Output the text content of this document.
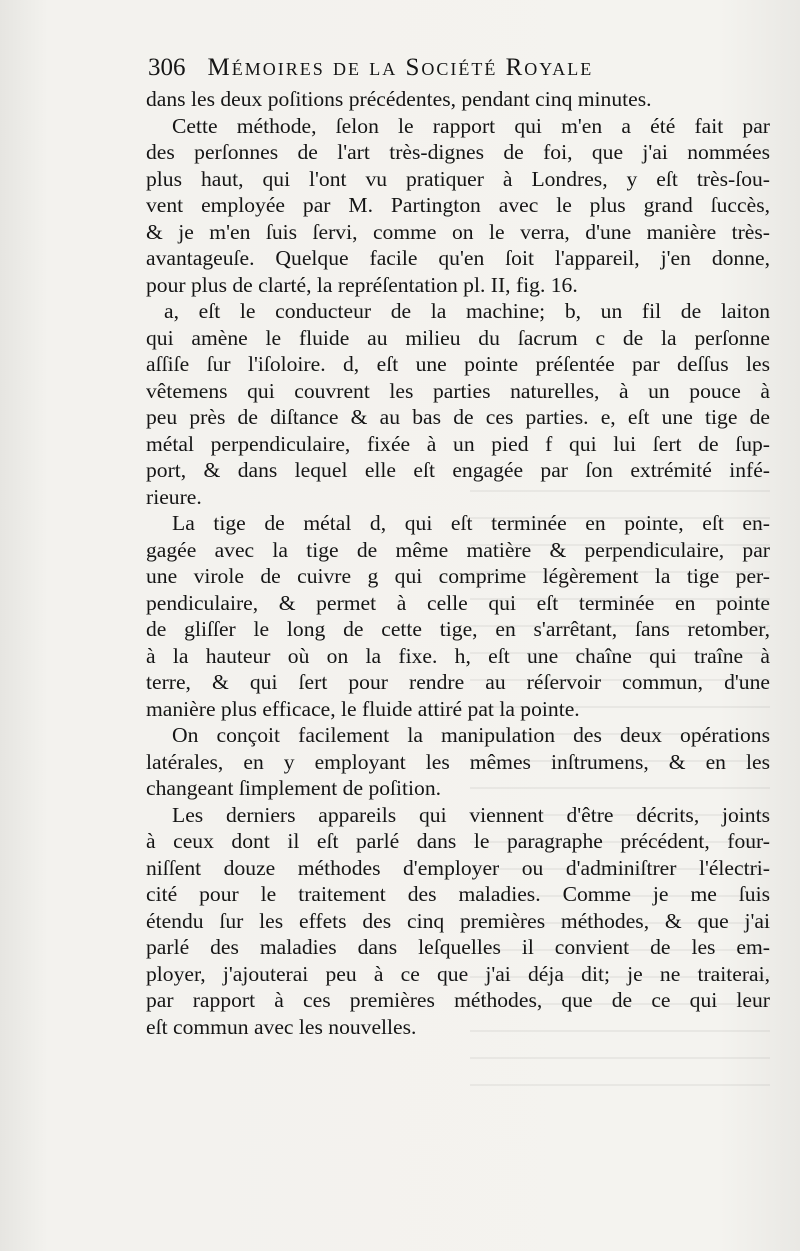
306 Mémoires de la Société Royale
dans les deux poſitions précédentes, pendant cinq minutes.
Cette méthode, ſelon le rapport qui m'en a été fait par
des perſonnes de l'art très-dignes de foi, que j'ai nommées
plus haut, qui l'ont vu pratiquer à Londres, y eſt très-ſou-
vent employée par M. Partington avec le plus grand ſuccès,
& je m'en ſuis ſervi, comme on le verra, d'une manière très-
avantageuſe. Quelque facile qu'en ſoit l'appareil, j'en donne,
pour plus de clarté, la repréſentation pl. II, fig. 16.
a, eſt le conducteur de la machine; b, un fil de laiton
qui amène le fluide au milieu du ſacrum c de la perſonne
aſſiſe ſur l'iſoloire. d, eſt une pointe préſentée par deſſus les
vêtemens qui couvrent les parties naturelles, à un pouce à
peu près de diſtance & au bas de ces parties. e, eſt une tige de
métal perpendiculaire, fixée à un pied f qui lui ſert de ſup-
port, & dans lequel elle eſt engagée par ſon extrémité infé-
rieure.
La tige de métal d, qui eſt terminée en pointe, eſt en-
gagée avec la tige de même matière & perpendiculaire, par
une virole de cuivre g qui comprime légèrement la tige per-
pendiculaire, & permet à celle qui eſt terminée en pointe
de gliſſer le long de cette tige, en s'arrêtant, ſans retomber,
à la hauteur où on la fixe. h, eſt une chaîne qui traîne à
terre, & qui ſert pour rendre au réſervoir commun, d'une
manière plus efficace, le fluide attiré pat la pointe.
On conçoit facilement la manipulation des deux opérations
latérales, en y employant les mêmes inſtrumens, & en les
changeant ſimplement de poſition.
Les derniers appareils qui viennent d'être décrits, joints
à ceux dont il eſt parlé dans le paragraphe précédent, four-
niſſent douze méthodes d'employer ou d'adminiſtrer l'électri-
cité pour le traitement des maladies. Comme je me ſuis
étendu ſur les effets des cinq premières méthodes, & que j'ai
parlé des maladies dans leſquelles il convient de les em-
ployer, j'ajouterai peu à ce que j'ai déja dit; je ne traiterai,
par rapport à ces premières méthodes, que de ce qui leur
eſt commun avec les nouvelles.
